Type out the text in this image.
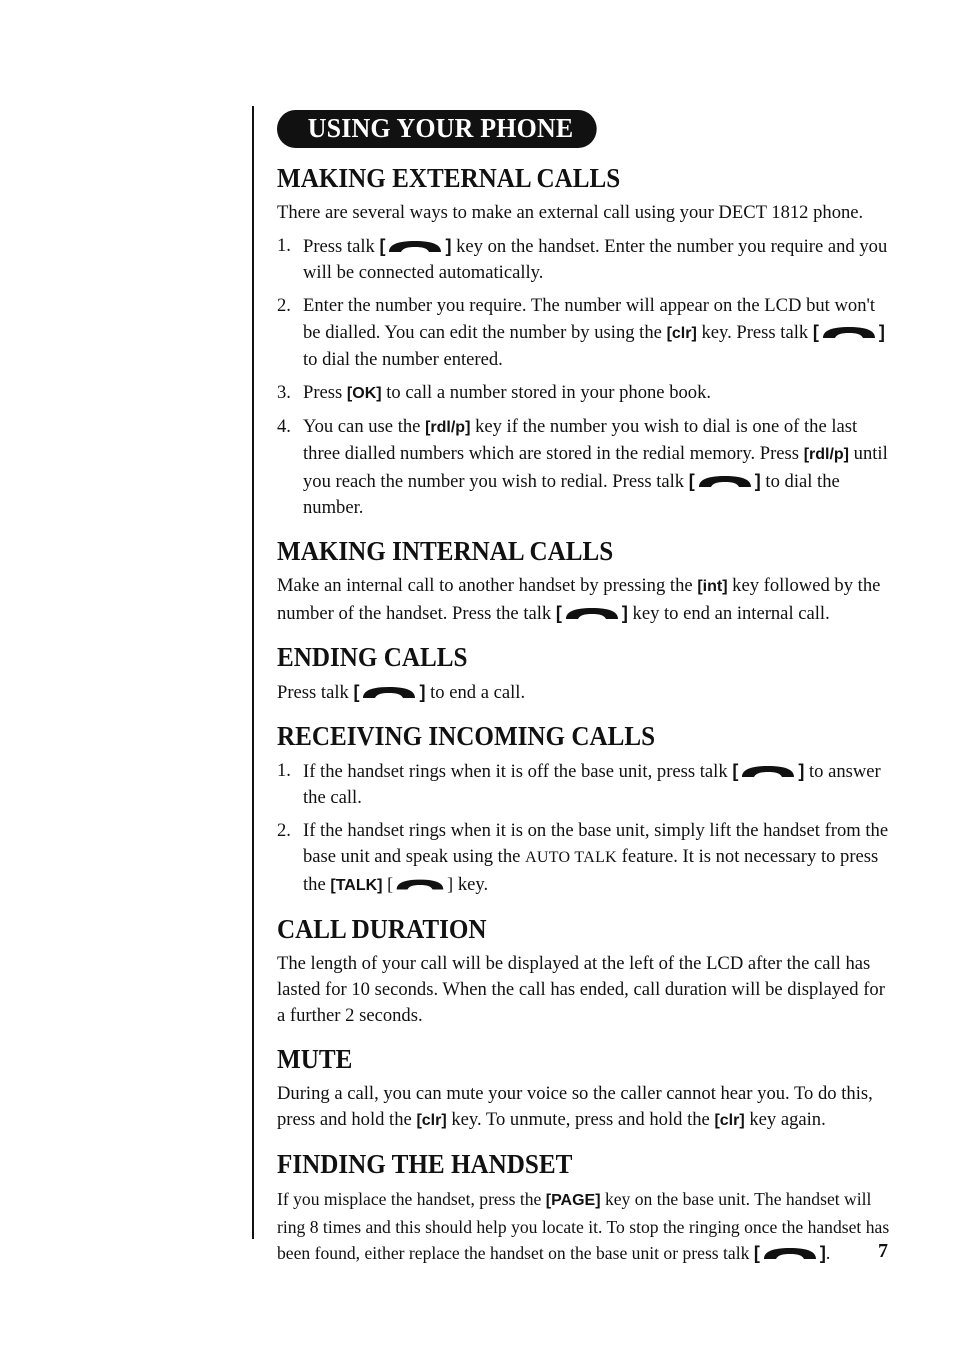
USING YOUR PHONE
MAKING EXTERNAL CALLS

There are several ways to make an external call using your DECT 1812 phone.

1. Press talk [	] key on the handset. Enter the number you require and you will be connected automatically.
2. Enter the number you require. The number will appear on the LCD but won't be dialled. You can edit the number by using the [clr] key. Press talk [	] to dial the number entered.
3. Press [OK] to call a number stored in your phone book.
4. You can use the [rdl/p] key if the number you wish to dial is one of the last three dialled numbers which are stored in the redial memory. Press [rdl/p] until you reach the number you wish to redial. Press talk [	] to dial the number.
MAKING INTERNAL CALLS

Make an internal call to another handset by pressing the [int] key followed by the number of the handset. Press the talk [	] key to end an internal call.

ENDING CALLS

Press talk [	] to end a call.

RECEIVING INCOMING CALLS
1. If the handset rings when it is off the base unit, press talk [	] to answer the call.
2. If the handset rings when it is on the base unit, simply lift the handset from the base unit and speak using the AUTO TALK feature. It is not necessary to press the [TALK] [	] key.
CALL DURATION

The length of your call will be displayed at the left of the LCD after the call has lasted for 10 seconds. When the call has ended, call duration will be displayed for a further 2 seconds.

MUTE

During a call, you can mute your voice so the caller cannot hear you. To do this, press and hold the [clr] key. To unmute, press and hold the [clr] key again.

FINDING THE HANDSET

If you misplace the handset, press the [PAGE] key on the base unit. The handset will ring 8 times and this should help you locate it. To stop the ringing once the handset has been found, either replace the handset on the base unit or press talk [	].	7
